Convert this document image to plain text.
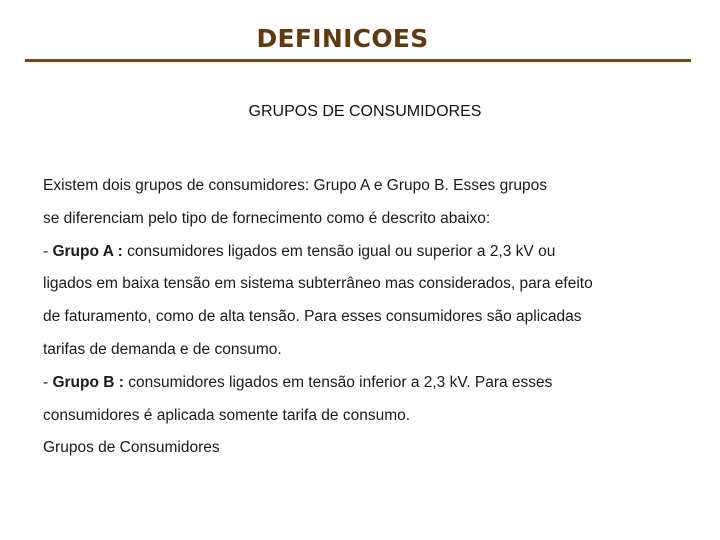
DEFINICOES
GRUPOS DE CONSUMIDORES
Existem dois grupos de consumidores: Grupo A e Grupo B. Esses grupos
se diferenciam pelo tipo de fornecimento como é descrito abaixo:
- Grupo A : consumidores ligados em tensão igual ou superior a 2,3 kV ou
ligados em baixa tensão em sistema subterrâneo mas considerados, para efeito
de faturamento, como de alta tensão. Para esses consumidores são aplicadas
tarifas de demanda e de consumo.
- Grupo B : consumidores ligados em tensão inferior a 2,3 kV. Para esses
consumidores é aplicada somente tarifa de consumo.
Grupos de Consumidores
